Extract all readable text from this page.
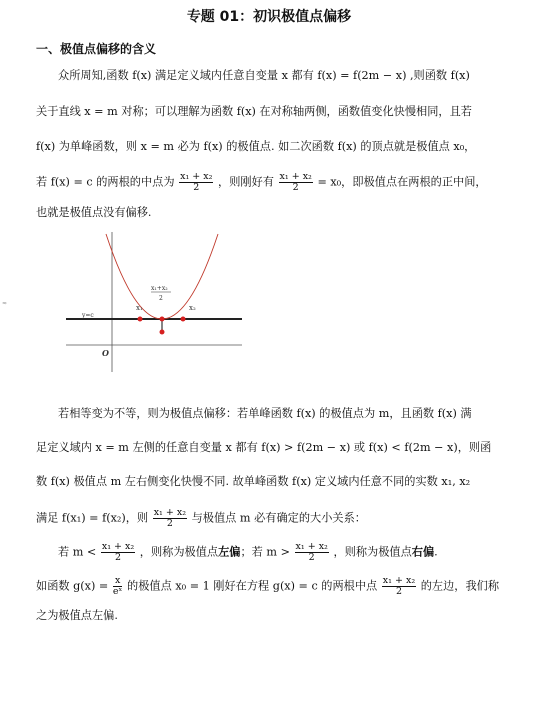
专题 01：初识极值点偏移
一、极值点偏移的含义
众所周知,函数 f(x) 满足定义域内任意自变量 x 都有 f(x) = f(2m − x) ,则函数 f(x)
关于直线 x = m 对称；可以理解为函数 f(x) 在对称轴两侧，函数值变化快慢相同，且若
f(x) 为单峰函数，则 x = m 必为 f(x) 的极值点. 如二次函数 f(x) 的顶点就是极值点 x₀，
若 f(x) = c 的两根的中点为 $\frac{\text{x₁ + x₂}}{2}$ ，则刚好有 $\frac{\text{x₁ + x₂}}{2} = x_0$，即极值点在两根的正中间，
也就是极值点没有偏移.
y=c
x₁	x₂
x₁+x₂
2
O
≈
若相等变为不等，则为极值点偏移：若单峰函数 f(x) 的极值点为 m，且函数 f(x) 满
足定义域内 x = m 左侧的任意自变量 x 都有 f(x) > f(2m − x) 或 f(x) < f(2m − x)，则函
数 f(x) 极值点 m 左右侧变化快慢不同. 故单峰函数 f(x) 定义域内任意不同的实数 x₁, x₂
满足 f(x₁) = f(x₂)，则 $\frac{\text{x₁ + x₂}}{2}$ 与极值点 m 必有确定的大小关系：
若 $m < \frac{\text{x₁ + x₂}}{2}$ ，则称为极值点左偏；若 $m > \frac{\text{x₁ + x₂}}{2}$ ，则称为极值点右偏.
如函数 $g(x) = \frac{x}{\text{eˣ}}$ 的极值点 x₀ = 1 刚好在方程 g(x) = c 的两根中点 $\frac{\text{x₁ + x₂}}{2}$ 的左边，我们称
之为极值点左偏.
